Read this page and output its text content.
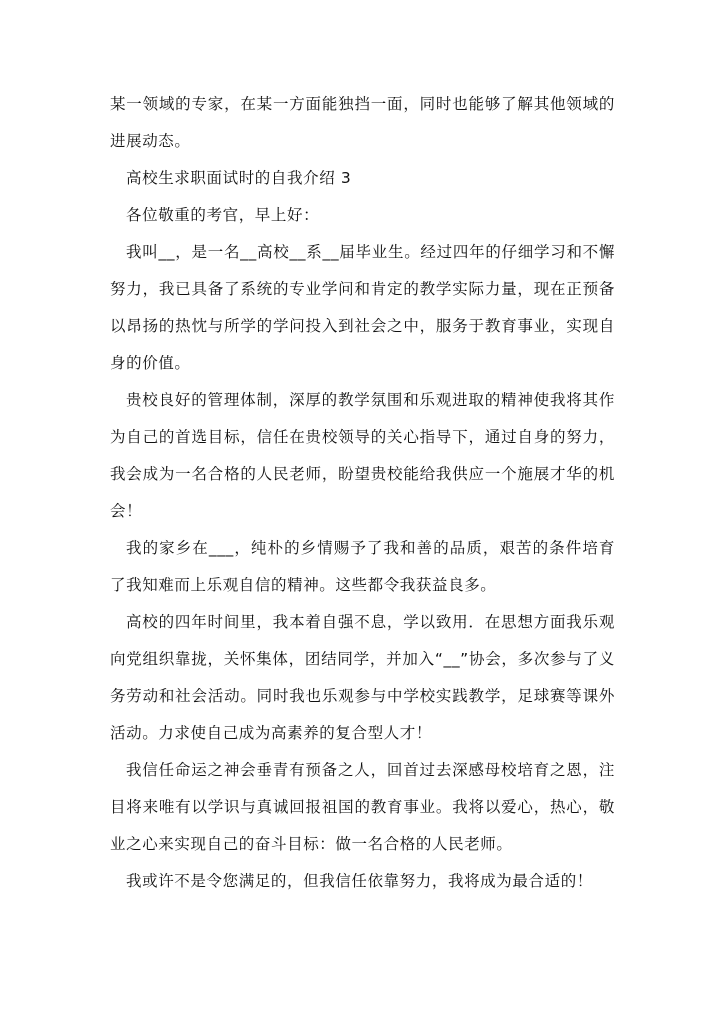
某一领域的专家，在某一方面能独挡一面，同时也能够了解其他领域的进展动态。

高校生求职面试时的自我介绍 3

各位敬重的考官，早上好：

我叫__，是一名__高校__系__届毕业生。经过四年的仔细学习和不懈努力，我已具备了系统的专业学问和肯定的教学实际力量，现在正预备以昂扬的热忱与所学的学问投入到社会之中，服务于教育事业，实现自身的价值。

贵校良好的管理体制，深厚的教学氛围和乐观进取的精神使我将其作为自己的首选目标，信任在贵校领导的关心指导下，通过自身的努力，我会成为一名合格的人民老师，盼望贵校能给我供应一个施展才华的机会！

我的家乡在___，纯朴的乡情赐予了我和善的品质，艰苦的条件培育了我知难而上乐观自信的精神。这些都令我获益良多。

高校的四年时间里，我本着自强不息，学以致用．在思想方面我乐观向党组织靠拢，关怀集体，团结同学，并加入“__”协会，多次参与了义务劳动和社会活动。同时我也乐观参与中学校实践教学，足球赛等课外活动。力求使自己成为高素养的复合型人才！

我信任命运之神会垂青有预备之人，回首过去深感母校培育之恩，注目将来唯有以学识与真诚回报祖国的教育事业。我将以爱心，热心，敬业之心来实现自己的奋斗目标：做一名合格的人民老师。

我或许不是令您满足的，但我信任依靠努力，我将成为最合适的！
